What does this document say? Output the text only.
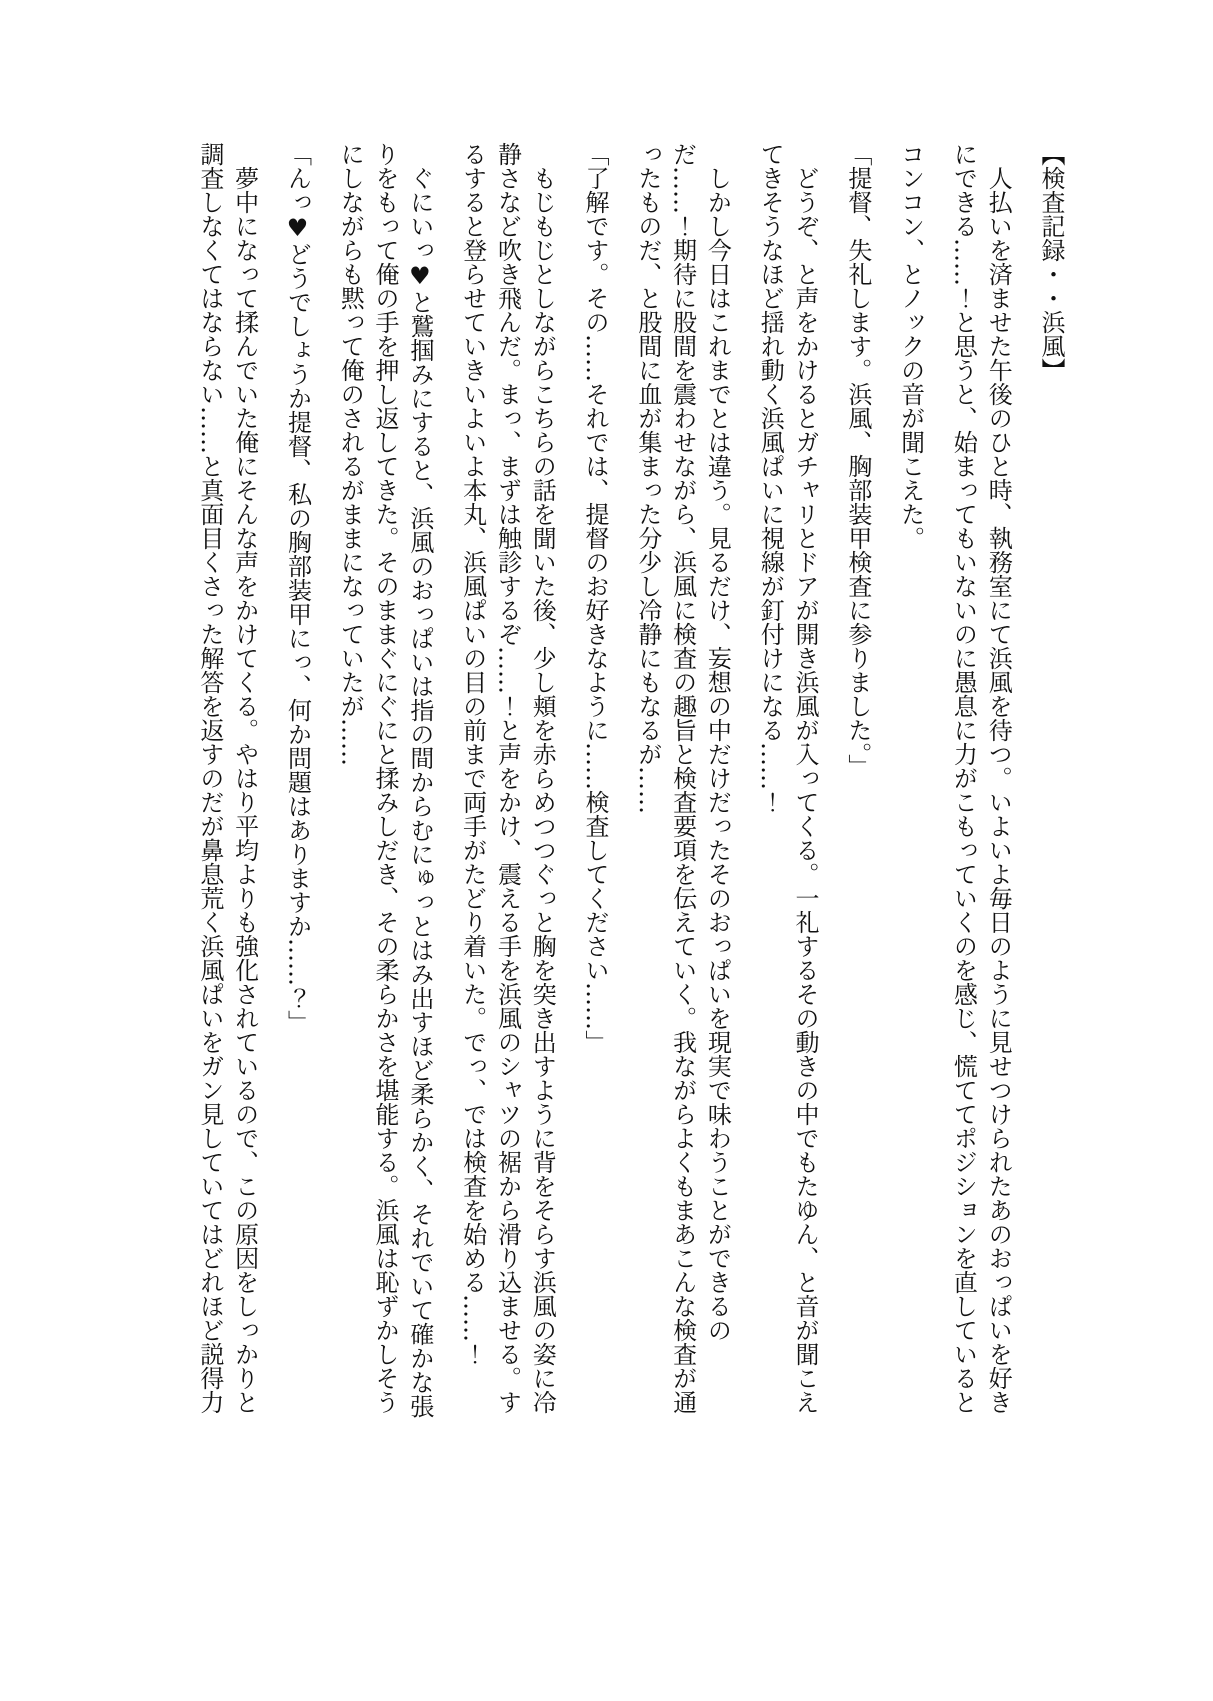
【検査記録・・浜風】

人払いを済ませた午後のひと時、執務室にて浜風を待つ。いよいよ毎日のように見せつけられたあのおっぱいを好きにできる……！と思うと、始まってもいないのに愚息に力がこもっていくのを感じ、慌ててポジションを直していると

コンコン、とノックの音が聞こえた。

「提督、失礼します。浜風、胸部装甲検査に参りました。」

どうぞ、と声をかけるとガチャリとドアが開き浜風が入ってくる。一礼するその動きの中でもたゆん、と音が聞こえてきそうなほど揺れ動く浜風ぱいに視線が釘付けになる……！

しかし今日はこれまでとは違う。見るだけ、妄想の中だけだったそのおっぱいを現実で味わうことができるのだ……！期待に股間を震わせながら、浜風に検査の趣旨と検査要項を伝えていく。我ながらよくもまあこんな検査が通ったものだ、と股間に血が集まった分少し冷静にもなるが……

「了解です。その……それでは、提督のお好きなように……検査してください……」

もじもじとしながらこちらの話を聞いた後、少し頬を赤らめつつぐっと胸を突き出すように背をそらす浜風の姿に冷静さなど吹き飛んだ。まっ、まずは触診するぞ……！と声をかけ、震える手を浜風のシャツの裾から滑り込ませる。するすると登らせていきいよいよ本丸、浜風ぱいの目の前まで両手がたどり着いた。でっ、では検査を始める……！

ぐにいっ♥と鷲掴みにすると、浜風のおっぱいは指の間からむにゅっとはみ出すほど柔らかく、それでいて確かな張りをもって俺の手を押し返してきた。そのままぐにぐにと揉みしだき、その柔らかさを堪能する。浜風は恥ずかしそうにしながらも黙って俺のされるがままになっていたが……

「んっ♥どうでしょうか提督、私の胸部装甲にっ、何か問題はありますか……？」

夢中になって揉んでいた俺にそんな声をかけてくる。やはり平均よりも強化されているので、この原因をしっかりと調査しなくてはならない……と真面目くさった解答を返すのだが鼻息荒く浜風ぱいをガン見していてはどれほど説得力
